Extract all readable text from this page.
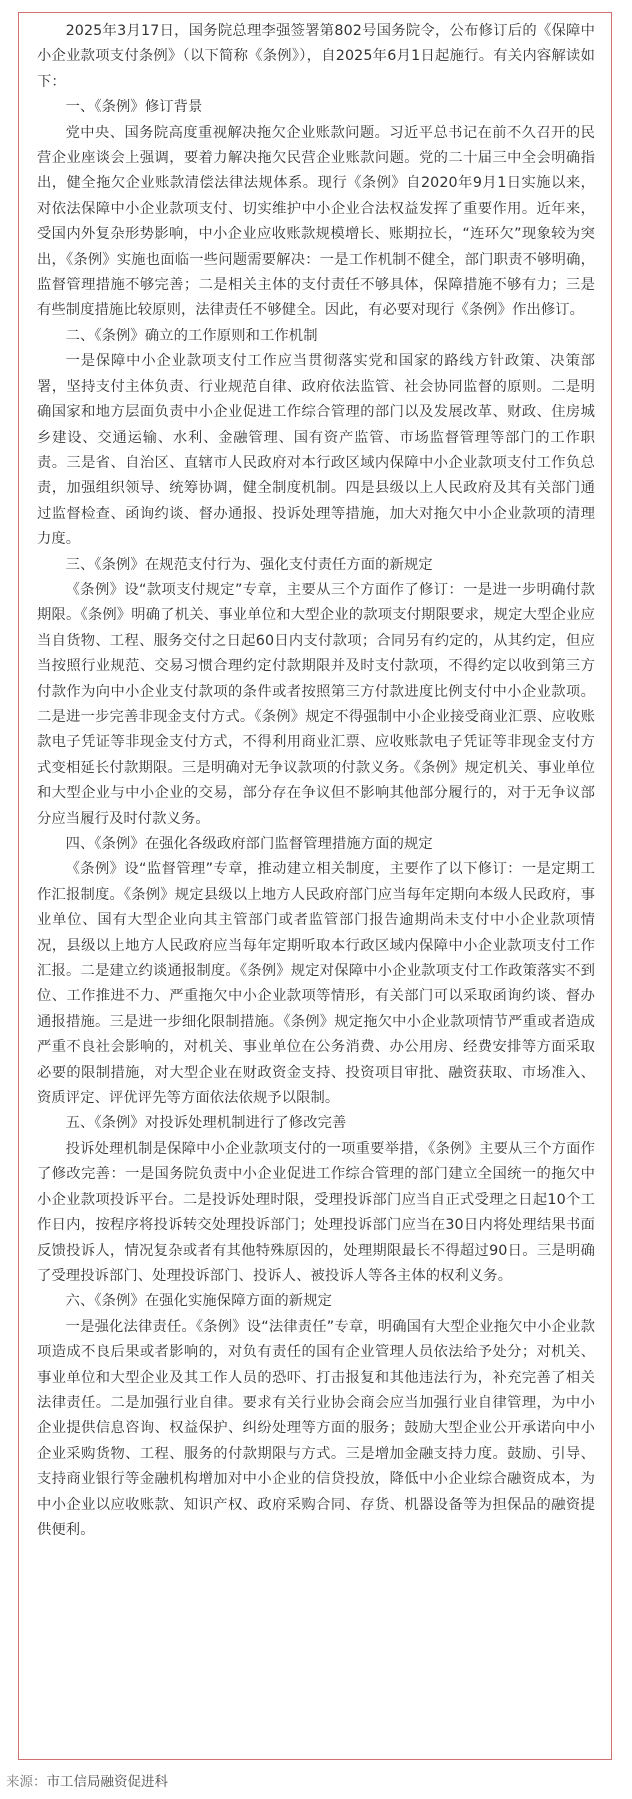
2025年3月17日，国务院总理李强签署第802号国务院令，公布修订后的《保障中小企业款项支付条例》（以下简称《条例》），自2025年6月1日起施行。有关内容解读如下：

一、《条例》修订背景

党中央、国务院高度重视解决拖欠企业账款问题。习近平总书记在前不久召开的民营企业座谈会上强调，要着力解决拖欠民营企业账款问题。党的二十届三中全会明确指出，健全拖欠企业账款清偿法律法规体系。现行《条例》自2020年9月1日实施以来，对依法保障中小企业款项支付、切实维护中小企业合法权益发挥了重要作用。近年来，受国内外复杂形势影响，中小企业应收账款规模增长、账期拉长，“连环欠”现象较为突出，《条例》实施也面临一些问题需要解决：一是工作机制不健全，部门职责不够明确，监督管理措施不够完善；二是相关主体的支付责任不够具体，保障措施不够有力；三是有些制度措施比较原则，法律责任不够健全。因此，有必要对现行《条例》作出修订。

二、《条例》确立的工作原则和工作机制

一是保障中小企业款项支付工作应当贯彻落实党和国家的路线方针政策、决策部署，坚持支付主体负责、行业规范自律、政府依法监管、社会协同监督的原则。二是明确国家和地方层面负责中小企业促进工作综合管理的部门以及发展改革、财政、住房城乡建设、交通运输、水利、金融管理、国有资产监管、市场监督管理等部门的工作职责。三是省、自治区、直辖市人民政府对本行政区域内保障中小企业款项支付工作负总责，加强组织领导、统筹协调，健全制度机制。四是县级以上人民政府及其有关部门通过监督检查、函询约谈、督办通报、投诉处理等措施，加大对拖欠中小企业款项的清理力度。

三、《条例》在规范支付行为、强化支付责任方面的新规定

《条例》设“款项支付规定”专章，主要从三个方面作了修订：一是进一步明确付款期限。《条例》明确了机关、事业单位和大型企业的款项支付期限要求，规定大型企业应当自货物、工程、服务交付之日起60日内支付款项；合同另有约定的，从其约定，但应当按照行业规范、交易习惯合理约定付款期限并及时支付款项，不得约定以收到第三方付款作为向中小企业支付款项的条件或者按照第三方付款进度比例支付中小企业款项。二是进一步完善非现金支付方式。《条例》规定不得强制中小企业接受商业汇票、应收账款电子凭证等非现金支付方式，不得利用商业汇票、应收账款电子凭证等非现金支付方式变相延长付款期限。三是明确对无争议款项的付款义务。《条例》规定机关、事业单位和大型企业与中小企业的交易，部分存在争议但不影响其他部分履行的，对于无争议部分应当履行及时付款义务。

四、《条例》在强化各级政府部门监督管理措施方面的规定

《条例》设“监督管理”专章，推动建立相关制度，主要作了以下修订：一是定期工作汇报制度。《条例》规定县级以上地方人民政府部门应当每年定期向本级人民政府，事业单位、国有大型企业向其主管部门或者监管部门报告逾期尚未支付中小企业款项情况，县级以上地方人民政府应当每年定期听取本行政区域内保障中小企业款项支付工作汇报。二是建立约谈通报制度。《条例》规定对保障中小企业款项支付工作政策落实不到位、工作推进不力、严重拖欠中小企业款项等情形，有关部门可以采取函询约谈、督办通报措施。三是进一步细化限制措施。《条例》规定拖欠中小企业款项情节严重或者造成严重不良社会影响的，对机关、事业单位在公务消费、办公用房、经费安排等方面采取必要的限制措施，对大型企业在财政资金支持、投资项目审批、融资获取、市场准入、资质评定、评优评先等方面依法依规予以限制。

五、《条例》对投诉处理机制进行了修改完善

投诉处理机制是保障中小企业款项支付的一项重要举措，《条例》主要从三个方面作了修改完善：一是国务院负责中小企业促进工作综合管理的部门建立全国统一的拖欠中小企业款项投诉平台。二是投诉处理时限，受理投诉部门应当自正式受理之日起10个工作日内，按程序将投诉转交处理投诉部门；处理投诉部门应当在30日内将处理结果书面反馈投诉人，情况复杂或者有其他特殊原因的，处理期限最长不得超过90日。三是明确了受理投诉部门、处理投诉部门、投诉人、被投诉人等各主体的权利义务。

六、《条例》在强化实施保障方面的新规定

一是强化法律责任。《条例》设“法律责任”专章，明确国有大型企业拖欠中小企业款项造成不良后果或者影响的，对负有责任的国有企业管理人员依法给予处分；对机关、事业单位和大型企业及其工作人员的恐吓、打击报复和其他违法行为，补充完善了相关法律责任。二是加强行业自律。要求有关行业协会商会应当加强行业自律管理，为中小企业提供信息咨询、权益保护、纠纷处理等方面的服务；鼓励大型企业公开承诺向中小企业采购货物、工程、服务的付款期限与方式。三是增加金融支持力度。鼓励、引导、支持商业银行等金融机构增加对中小企业的信贷投放，降低中小企业综合融资成本，为中小企业以应收账款、知识产权、政府采购合同、存货、机器设备等为担保品的融资提供便利。

来源：市工信局融资促进科
